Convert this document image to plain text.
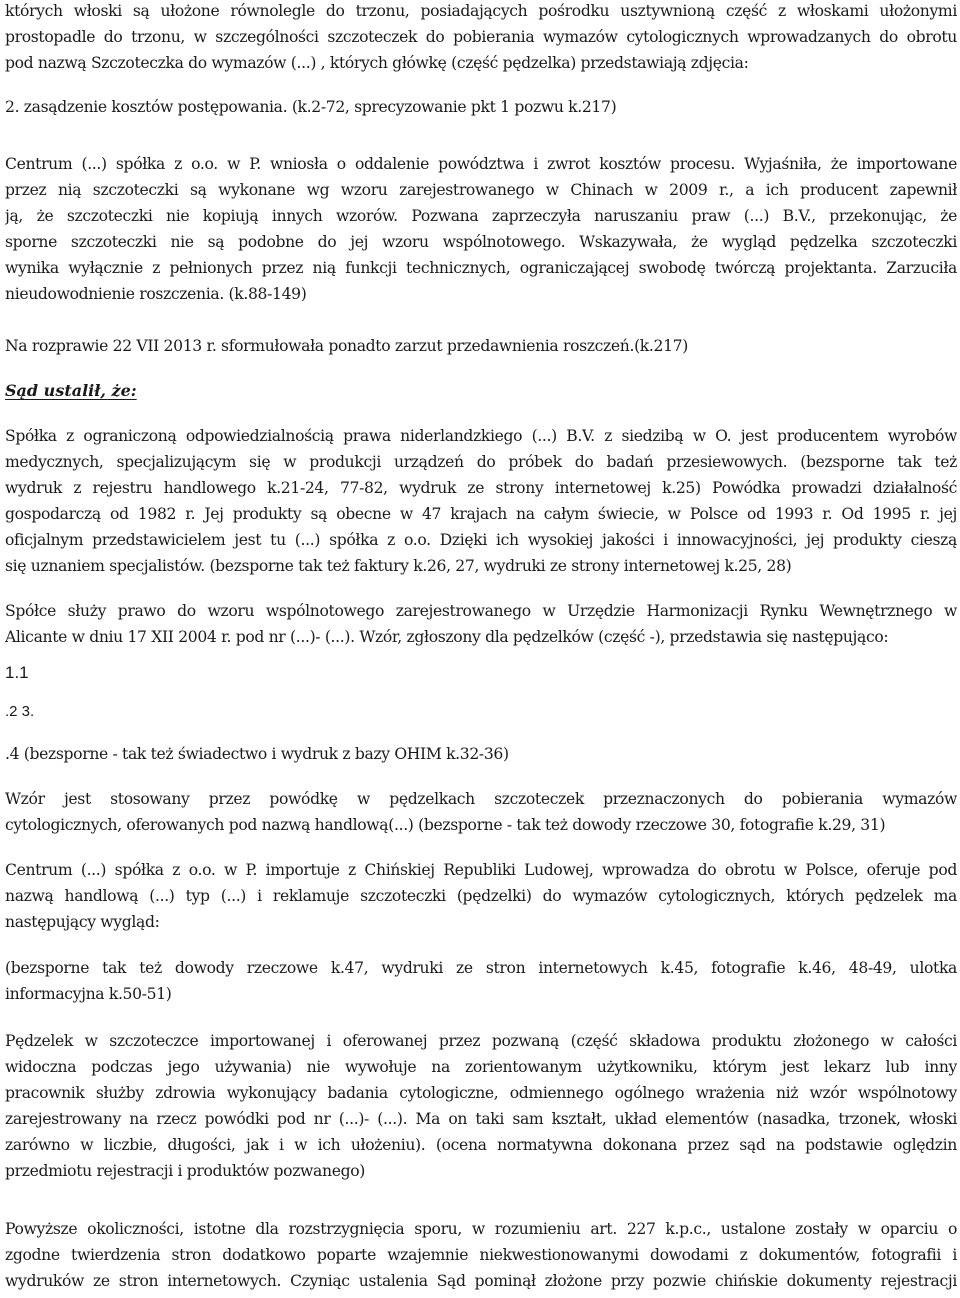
których włoski są ułożone równolegle do trzonu, posiadających pośrodku usztywnioną część z włoskami ułożonymi
prostopadle do trzonu, w szczególności szczoteczek do pobierania wymazów cytologicznych wprowadzanych do obrotu
pod nazwą Szczoteczka do wymazów (...) , których główkę (część pędzelka) przedstawiają zdjęcia:

2. zasądzenie kosztów postępowania. (k.2-72, sprecyzowanie pkt 1 pozwu k.217)

Centrum (...) spółka z o.o. w P. wniosła o oddalenie powództwa i zwrot kosztów procesu. Wyjaśniła, że importowane
przez nią szczoteczki są wykonane wg wzoru zarejestrowanego w Chinach w 2009 r., a ich producent zapewnił
ją, że szczoteczki nie kopiują innych wzorów. Pozwana zaprzeczyła naruszaniu praw (...) B.V., przekonując, że
sporne szczoteczki nie są podobne do jej wzoru wspólnotowego. Wskazywała, że wygląd pędzelka szczoteczki
wynika wyłącznie z pełnionych przez nią funkcji technicznych, ograniczającej swobodę twórczą projektanta. Zarzuciła
nieudowodnienie roszczenia. (k.88-149)

Na rozprawie 22 VII 2013 r. sformułowała ponadto zarzut przedawnienia roszczeń.(k.217)

Sąd ustalił, że:

Spółka z ograniczoną odpowiedzialnością prawa niderlandzkiego (...) B.V. z siedzibą w O. jest producentem wyrobów
medycznych, specjalizującym się w produkcji urządzeń do próbek do badań przesiewowych. (bezsporne tak też
wydruk z rejestru handlowego k.21-24, 77-82, wydruk ze strony internetowej k.25) Powódka prowadzi działalność
gospodarczą od 1982 r. Jej produkty są obecne w 47 krajach na całym świecie, w Polsce od 1993 r. Od 1995 r. jej
oficjalnym przedstawicielem jest tu (...) spółka z o.o. Dzięki ich wysokiej jakości i innowacyjności, jej produkty cieszą
się uznaniem specjalistów. (bezsporne tak też faktury k.26, 27, wydruki ze strony internetowej k.25, 28)

Spółce służy prawo do wzoru wspólnotowego zarejestrowanego w Urzędzie Harmonizacji Rynku Wewnętrznego w
Alicante w dniu 17 XII 2004 r. pod nr (...)- (...). Wzór, zgłoszony dla pędzelków (część -), przedstawia się następująco:

1.1

.2 3.

.4 (bezsporne - tak też świadectwo i wydruk z bazy OHIM k.32-36)

Wzór jest stosowany przez powódkę w pędzelkach szczoteczek przeznaczonych do pobierania wymazów
cytologicznych, oferowanych pod nazwą handlową(...) (bezsporne - tak też dowody rzeczowe 30, fotografie k.29, 31)

Centrum (...) spółka z o.o. w P. importuje z Chińskiej Republiki Ludowej, wprowadza do obrotu w Polsce, oferuje pod
nazwą handlową (...) typ (...) i reklamuje szczoteczki (pędzelki) do wymazów cytologicznych, których pędzelek ma
następujący wygląd:

(bezsporne tak też dowody rzeczowe k.47, wydruki ze stron internetowych k.45, fotografie k.46, 48-49, ulotka
informacyjna k.50-51)

Pędzelek w szczoteczce importowanej i oferowanej przez pozwaną (część składowa produktu złożonego w całości
widoczna podczas jego używania) nie wywołuje na zorientowanym użytkowniku, którym jest lekarz lub inny
pracownik służby zdrowia wykonujący badania cytologiczne, odmiennego ogólnego wrażenia niż wzór wspólnotowy
zarejestrowany na rzecz powódki pod nr (...)- (...). Ma on taki sam kształt, układ elementów (nasadka, trzonek, włoski
zarówno w liczbie, długości, jak i w ich ułożeniu). (ocena normatywna dokonana przez sąd na podstawie oględzin
przedmiotu rejestracji i produktów pozwanego)

Powyższe okoliczności, istotne dla rozstrzygnięcia sporu, w rozumieniu art. 227 k.p.c., ustalone zostały w oparciu o
zgodne twierdzenia stron dodatkowo poparte wzajemnie niekwestionowanymi dowodami z dokumentów, fotografii i
wydruków ze stron internetowych. Czyniąc ustalenia Sąd pominął złożone przy pozwie chińskie dokumenty rejestracji
